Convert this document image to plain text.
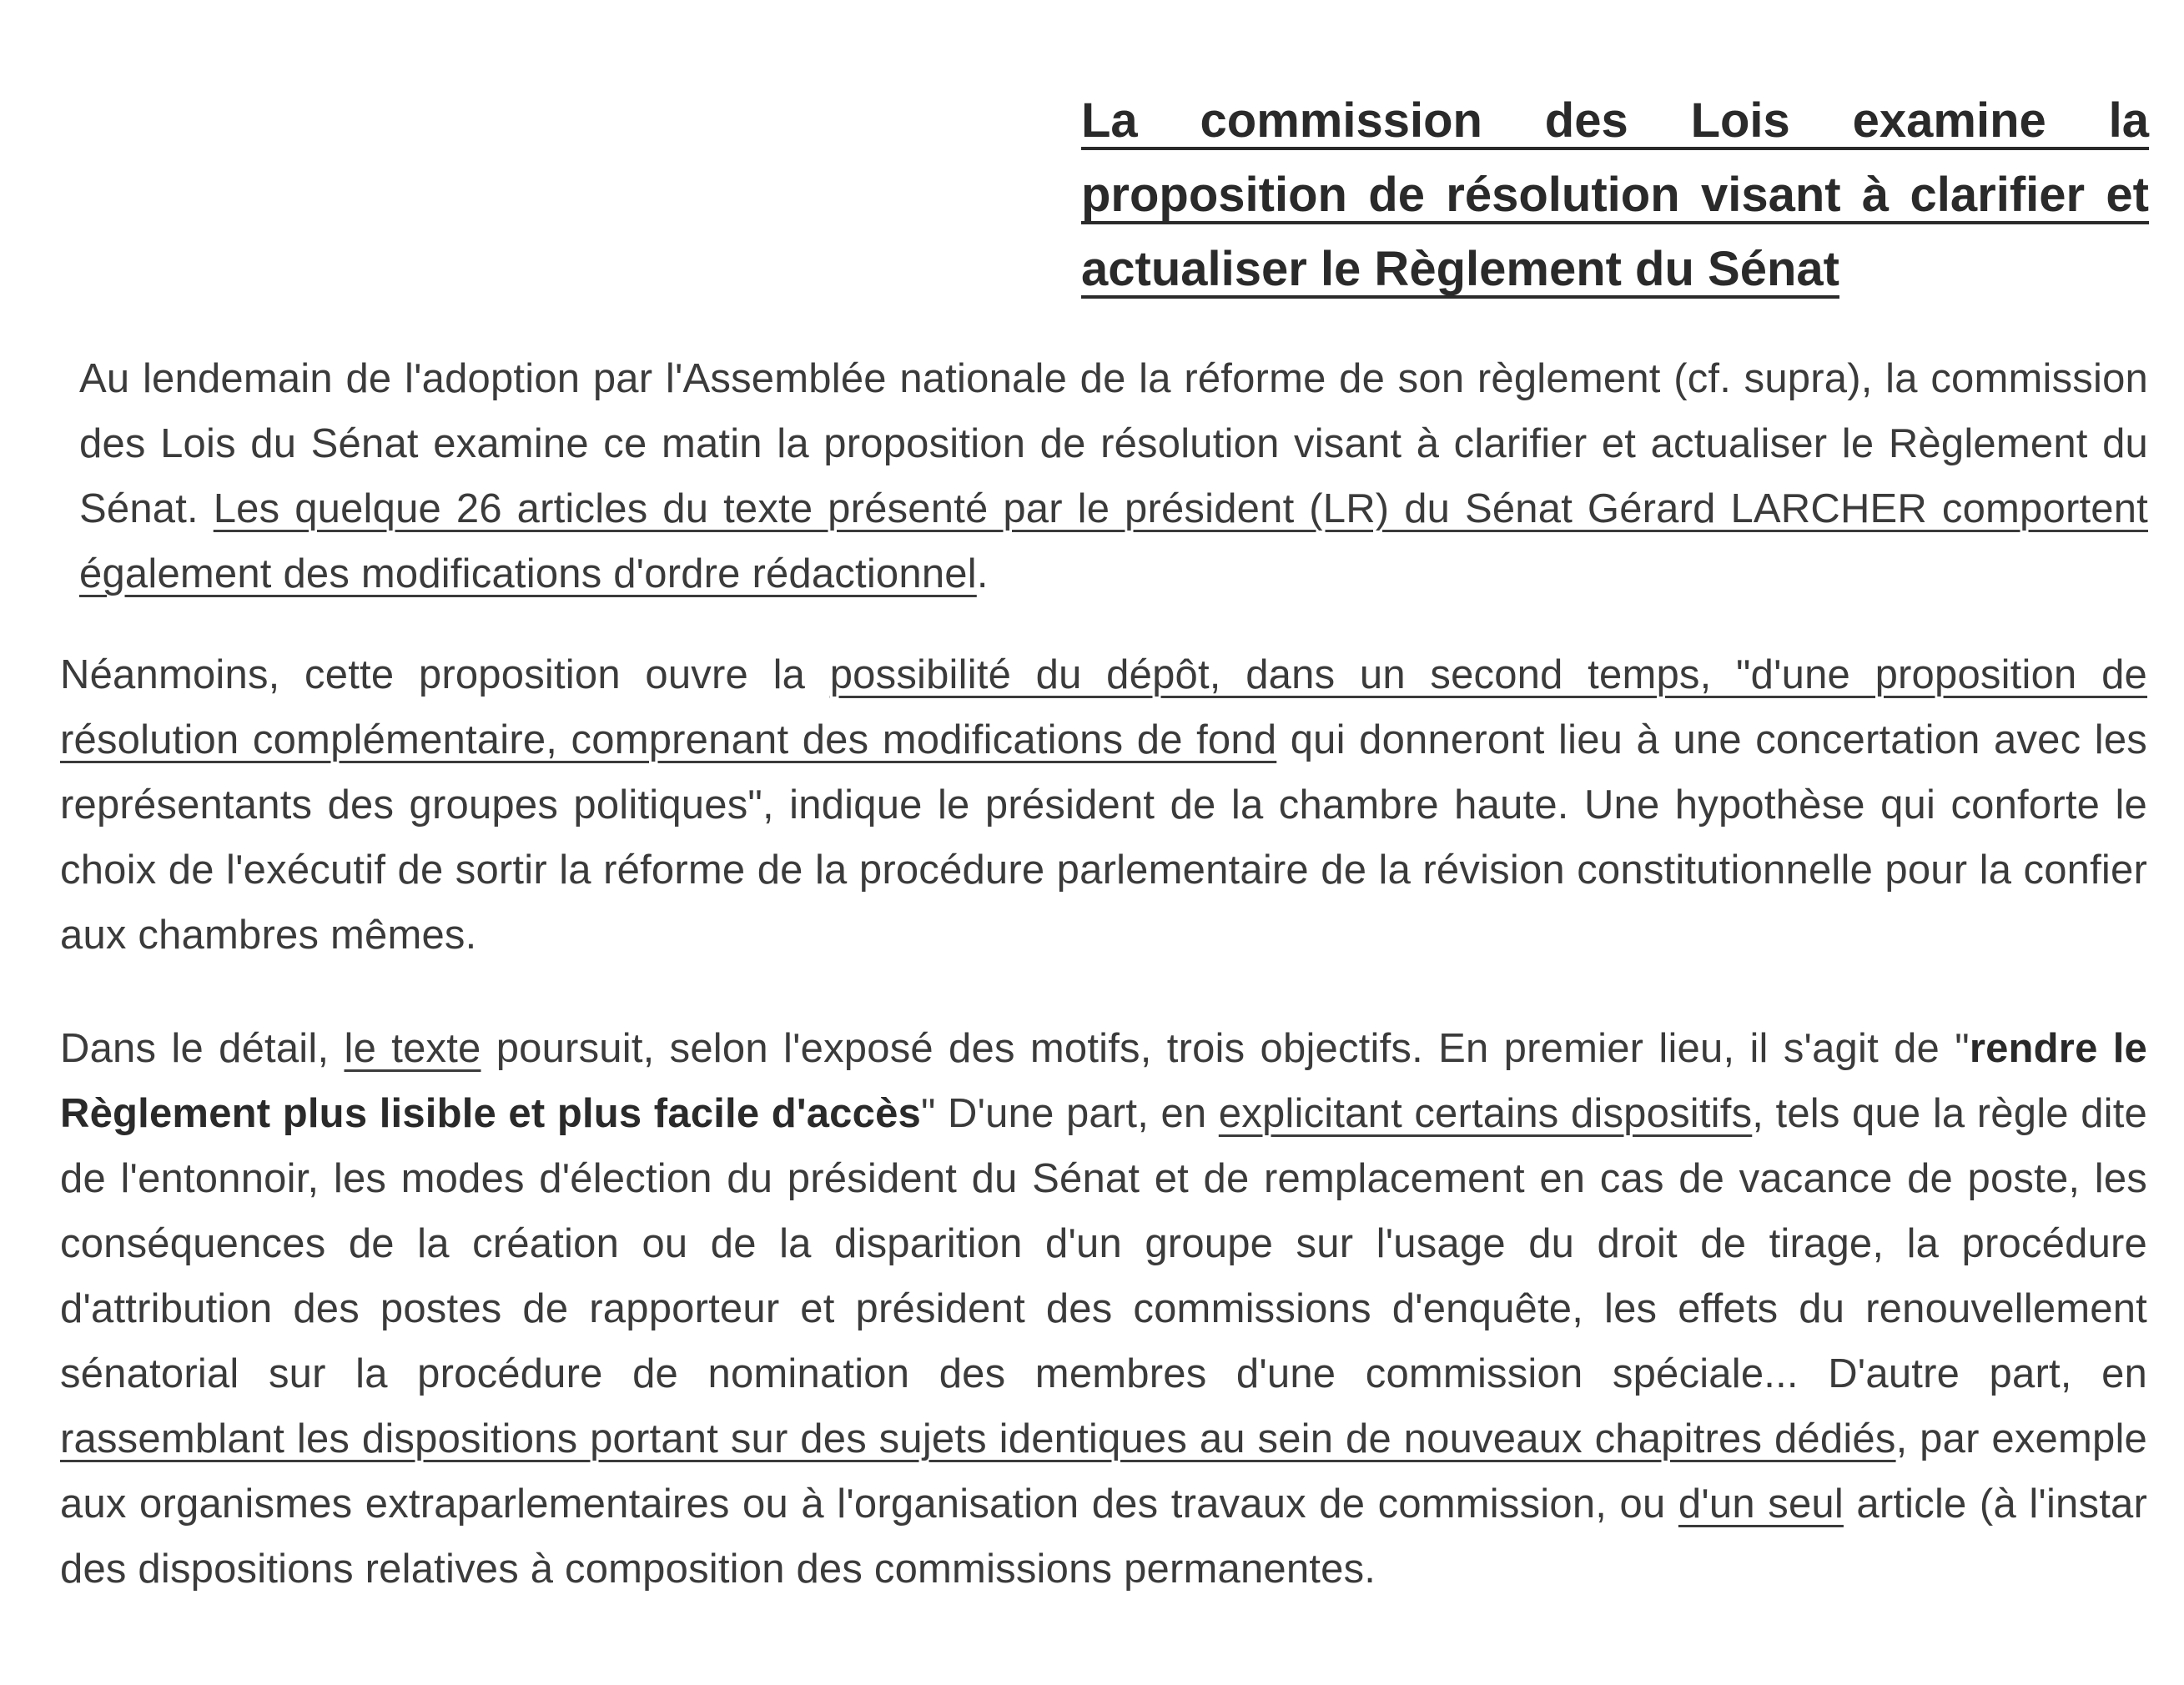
La commission des Lois examine la proposition de résolution visant à clarifier et actualiser le Règlement du Sénat

Au lendemain de l'adoption par l'Assemblée nationale de la réforme de son règlement (cf. supra), la commission des Lois du Sénat examine ce matin la proposition de résolution visant à clarifier et actualiser le Règlement du Sénat. Les quelque 26 articles du texte présenté par le président (LR) du Sénat Gérard LARCHER comportent également des modifications d'ordre rédactionnel.

Néanmoins, cette proposition ouvre la possibilité du dépôt, dans un second temps, "d'une proposition de résolution complémentaire, comprenant des modifications de fond qui donneront lieu à une concertation avec les représentants des groupes politiques", indique le président de la chambre haute. Une hypothèse qui conforte le choix de l'exécutif de sortir la réforme de la procédure parlementaire de la révision constitutionnelle pour la confier aux chambres mêmes.

Dans le détail, le texte poursuit, selon l'exposé des motifs, trois objectifs. En premier lieu, il s'agit de "rendre le Règlement plus lisible et plus facile d'accès" D'une part, en explicitant certains dispositifs, tels que la règle dite de l'entonnoir, les modes d'élection du président du Sénat et de remplacement en cas de vacance de poste, les conséquences de la création ou de la disparition d'un groupe sur l'usage du droit de tirage, la procédure d'attribution des postes de rapporteur et président des commissions d'enquête, les effets du renouvellement sénatorial sur la procédure de nomination des membres d'une commission spéciale... D'autre part, en rassemblant les dispositions portant sur des sujets identiques au sein de nouveaux chapitres dédiés, par exemple aux organismes extraparlementaires ou à l'organisation des travaux de commission, ou d'un seul article (à l'instar des dispositions relatives à composition des commissions permanentes.
